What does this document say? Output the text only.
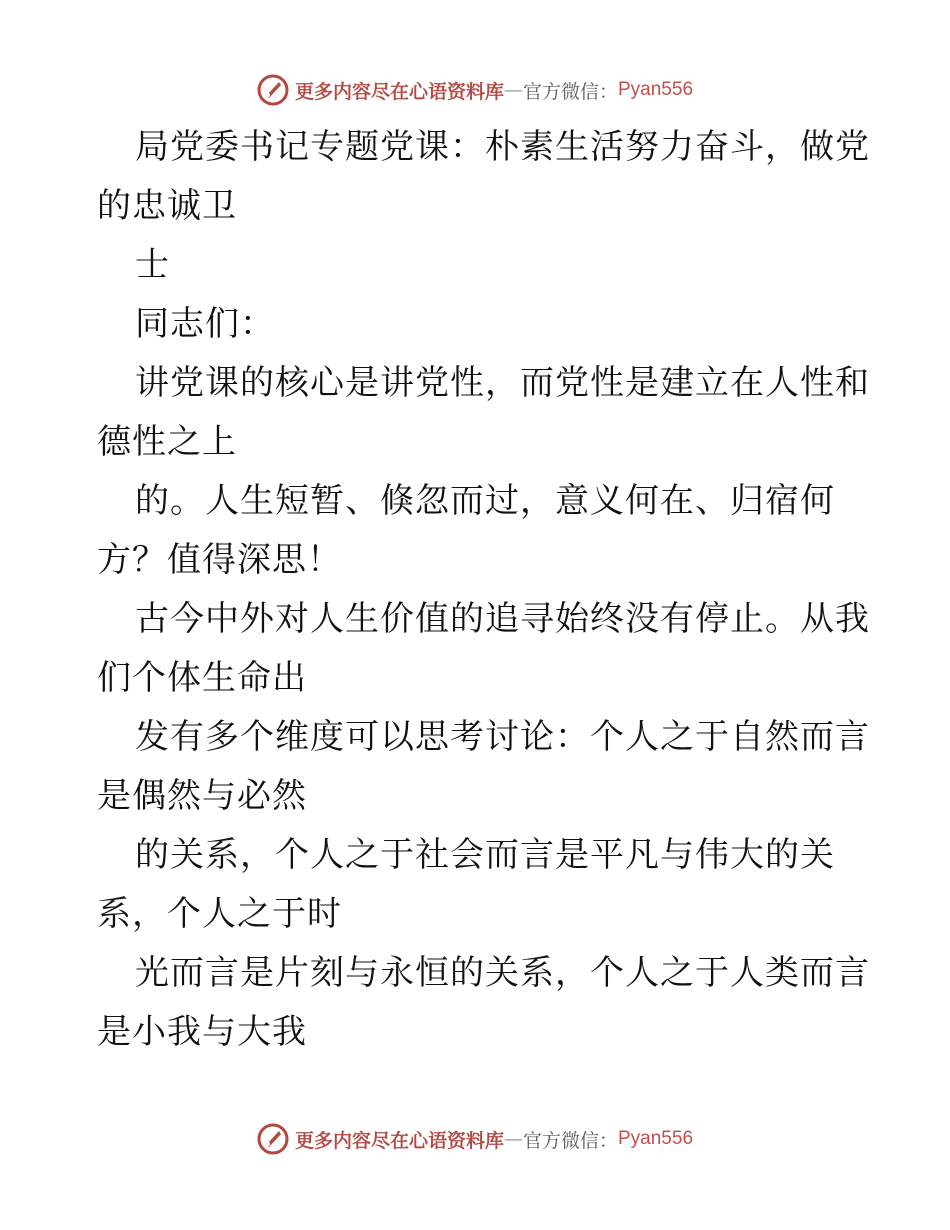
更多内容尽在心语资料库 — 官方微信： Pyan556

局党委书记专题党课：朴素生活努力奋斗，做党

的忠诚卫

士

同志们：

讲党课的核心是讲党性，而党性是建立在人性和

德性之上

的。人生短暂、倏忽而过，意义何在、归宿何

方？值得深思！

古今中外对人生价值的追寻始终没有停止。从我

们个体生命出

发有多个维度可以思考讨论：个人之于自然而言

是偶然与必然

的关系，个人之于社会而言是平凡与伟大的关

系，个人之于时

光而言是片刻与永恒的关系，个人之于人类而言

是小我与大我

更多内容尽在心语资料库 — 官方微信： Pyan556
